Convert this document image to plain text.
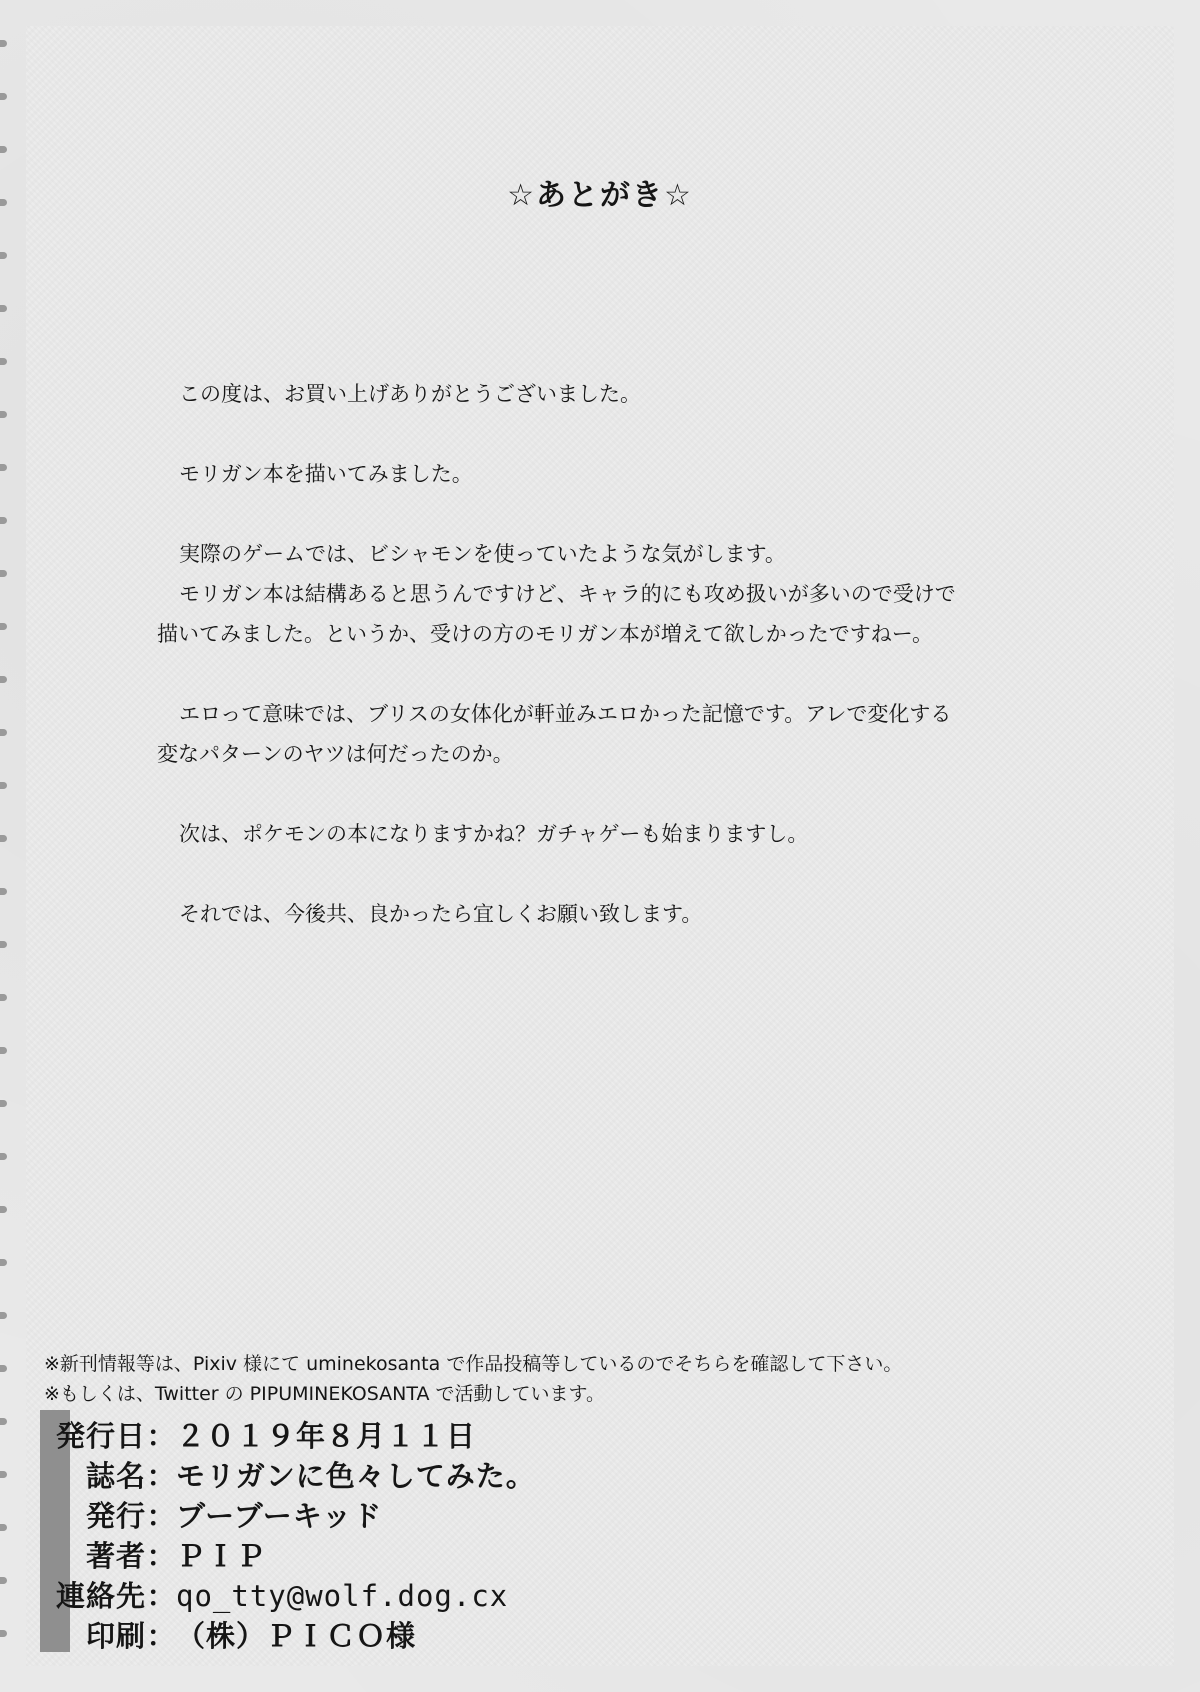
☆あとがき☆
この度は、お買い上げありがとうございました。
モリガン本を描いてみました。
実際のゲームでは、ビシャモンを使っていたような気がします。
モリガン本は結構あると思うんですけど、キャラ的にも攻め扱いが多いので受けで
描いてみました。というか、受けの方のモリガン本が増えて欲しかったですねー。
エロって意味では、ブリスの女体化が軒並みエロかった記憶です。アレで変化する
変なパターンのヤツは何だったのか。
次は、ポケモンの本になりますかね？ガチャゲーも始まりますし。
それでは、今後共、良かったら宜しくお願い致します。
※新刊情報等は、Pixiv 様にて uminekosanta で作品投稿等しているのでそちらを確認して下さい。
※もしくは、Twitter の PIPUMINEKOSANTA で活動しています。
発行日 ： ２０１９年８月１１日
誌名 ： モリガンに色々してみた。
発行 ： ブーブーキッド
著者 ： ＰＩＰ
連絡先 ： qo_tty@wolf.dog.cx
印刷 ： （株）ＰＩＣＯ様
